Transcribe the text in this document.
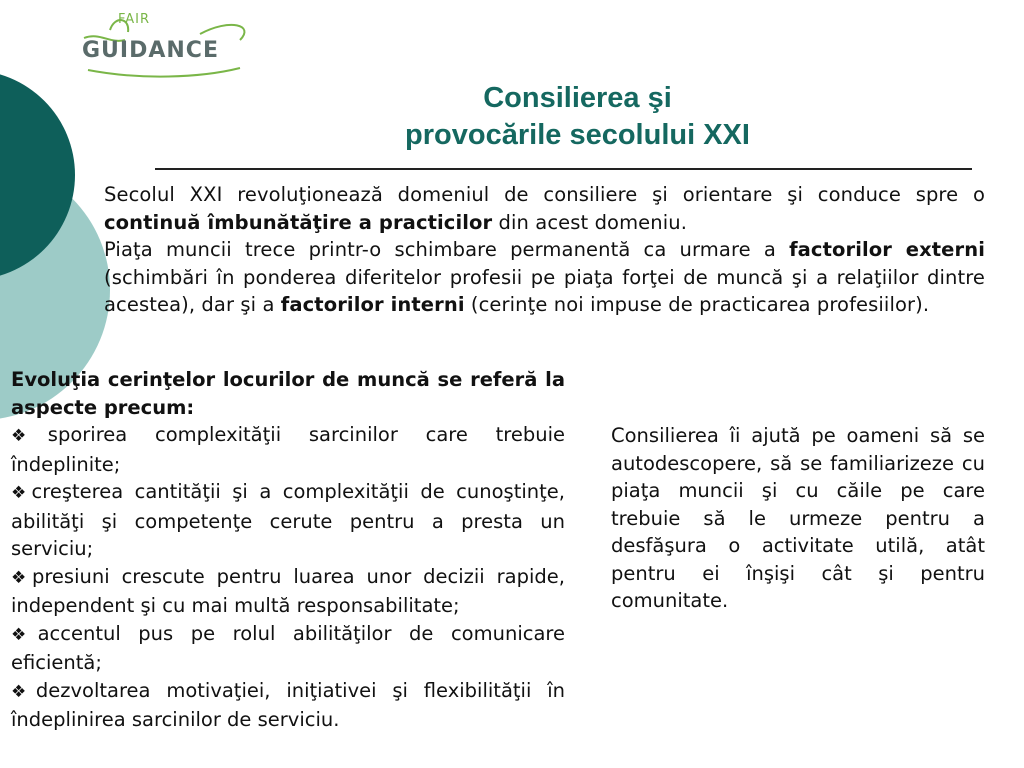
FAIR
GUIDANCE
Consilierea şi
provocările secolului XXI

Secolul XXI revoluţionează domeniul de consiliere şi orientare şi conduce spre o continuă îmbunătăţire a practicilor din acest domeniu.

Piaţa muncii trece printr-o schimbare permanentă ca urmare a factorilor externi (schimbări în ponderea diferitelor profesii pe piaţa forţei de muncă şi a relaţiilor dintre acestea), dar şi a factorilor interni (cerinţe noi impuse de practicarea profesiilor).

Evoluţia cerinţelor locurilor de muncă se referă la aspecte precum:

❖sporirea complexităţii sarcinilor care trebuie îndeplinite;
❖creşterea cantităţii şi a complexităţii de cunoştinţe, abilităţi şi competenţe cerute pentru a presta un serviciu;
❖presiuni crescute pentru luarea unor decizii rapide, independent şi cu mai multă responsabilitate;
❖accentul pus pe rolul abilităţilor de comunicare eficientă;
❖dezvoltarea motivaţiei, iniţiativei şi flexibilităţii în îndeplinirea sarcinilor de serviciu.
Consilierea îi ajută pe oameni să se autodescopere, să se familiarizeze cu piaţa muncii şi cu căile pe care trebuie să le urmeze pentru a desfăşura o activitate utilă, atât pentru ei înşişi cât şi pentru comunitate.
